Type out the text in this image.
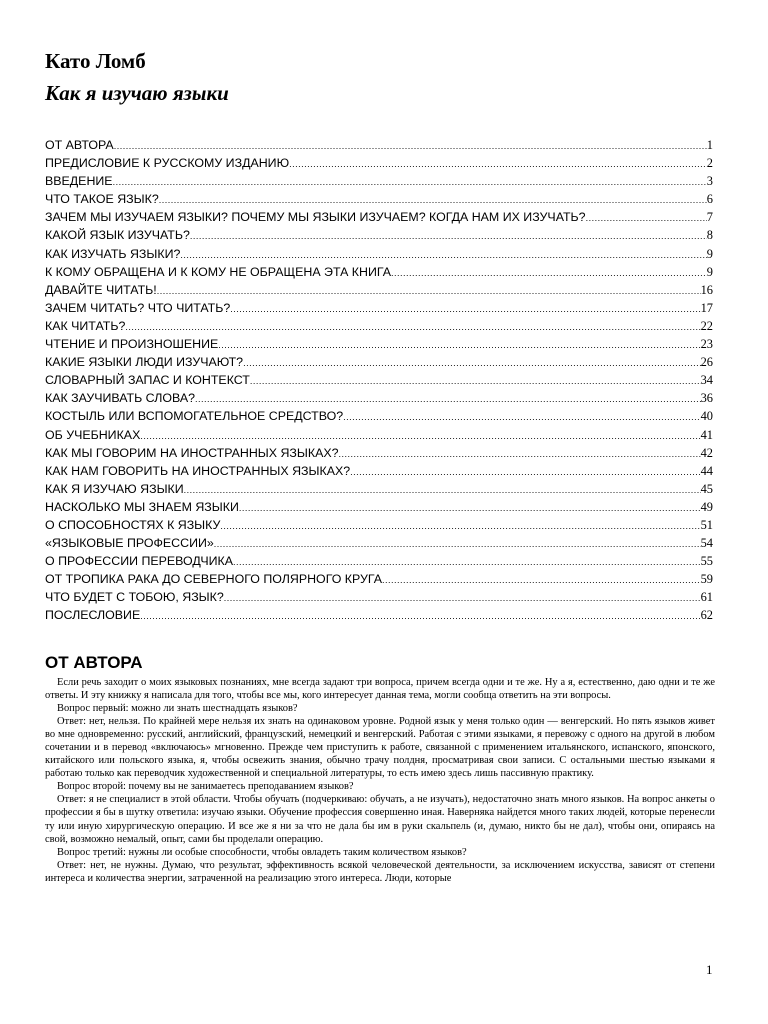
Като Ломб
Как я изучаю языки
ОТ АВТОРА .....	1
ПРЕДИСЛОВИЕ К РУССКОМУ ИЗДАНИЮ .....	2
ВВЕДЕНИЕ .....	3
ЧТО ТАКОЕ ЯЗЫК? .....	6
ЗАЧЕМ МЫ ИЗУЧАЕМ ЯЗЫКИ? ПОЧЕМУ МЫ ЯЗЫКИ ИЗУЧАЕМ? КОГДА НАМ ИХ ИЗУЧАТЬ? .....	7
КАКОЙ ЯЗЫК ИЗУЧАТЬ? .....	8
КАК ИЗУЧАТЬ ЯЗЫКИ? .....	9
К КОМУ ОБРАЩЕНА И К КОМУ НЕ ОБРАЩЕНА ЭТА КНИГА .....	9
ДАВАЙТЕ ЧИТАТЬ! .....	16
ЗАЧЕМ ЧИТАТЬ? ЧТО ЧИТАТЬ? .....	17
КАК ЧИТАТЬ? .....	22
ЧТЕНИЕ И ПРОИЗНОШЕНИЕ .....	23
КАКИЕ ЯЗЫКИ ЛЮДИ ИЗУЧАЮТ? .....	26
СЛОВАРНЫЙ ЗАПАС И КОНТЕКСТ .....	34
КАК ЗАУЧИВАТЬ СЛОВА? .....	36
КОСТЫЛЬ ИЛИ ВСПОМОГАТЕЛЬНОЕ СРЕДСТВО? .....	40
ОБ УЧЕБНИКАХ .....	41
КАК МЫ ГОВОРИМ НА ИНОСТРАННЫХ ЯЗЫКАХ? .....	42
КАК НАМ ГОВОРИТЬ НА ИНОСТРАННЫХ ЯЗЫКАХ? .....	44
КАК Я ИЗУЧАЮ ЯЗЫКИ .....	45
НАСКОЛЬКО МЫ ЗНАЕМ ЯЗЫКИ .....	49
О СПОСОБНОСТЯХ К ЯЗЫКУ .....	51
«ЯЗЫКОВЫЕ ПРОФЕССИИ» .....	54
О ПРОФЕССИИ ПЕРЕВОДЧИКА .....	55
ОТ ТРОПИКА РАКА ДО СЕВЕРНОГО ПОЛЯРНОГО КРУГА .....	59
ЧТО БУДЕТ С ТОБОЮ, ЯЗЫК? .....	61
ПОСЛЕСЛОВИЕ .....	62
ОТ АВТОРА

Если речь заходит о моих языковых познаниях, мне всегда задают три вопроса, причем всегда одни и те же. Ну а я, естественно, даю одни и те же ответы. И эту книжку я написала для того, чтобы все мы, кого интересует данная тема, могли сообща ответить на эти вопросы.

Вопрос первый: можно ли знать шестнадцать языков?

Ответ: нет, нельзя. По крайней мере нельзя их знать на одинаковом уровне. Родной язык у меня только один — венгерский. Но пять языков живет во мне одновременно: русский, английский, французский, немецкий и венгерский. Работая с этими языками, я перевожу с одного на другой в любом сочетании и в перевод «включаюсь» мгновенно. Прежде чем приступить к работе, связанной с применением итальянского, испанского, японского, китайского или польского языка, я, чтобы освежить знания, обычно трачу полдня, просматривая свои записи. С остальными шестью языками я работаю только как переводчик художественной и специальной литературы, то есть имею здесь лишь пассивную практику.

Вопрос второй: почему вы не занимаетесь преподаванием языков?

Ответ: я не специалист в этой области. Чтобы обучать (подчеркиваю: обучать, а не изучать), недостаточно знать много языков. На вопрос анкеты о профессии я бы в шутку ответила: изучаю языки. Обучение профессия совершенно иная. Наверняка найдется много таких людей, которые перенесли ту или иную хирургическую операцию. И все же я ни за что не дала бы им в руки скальпель (и, думаю, никто бы не дал), чтобы они, опираясь на свой, возможно немалый, опыт, сами бы проделали операцию.

Вопрос третий: нужны ли особые способности, чтобы овладеть таким количеством языков?

Ответ: нет, не нужны. Думаю, что результат, эффективность всякой человеческой деятельности, за исключением искусства, зависят от степени интереса и количества энергии, затраченной на реализацию этого интереса. Люди, которые

1
